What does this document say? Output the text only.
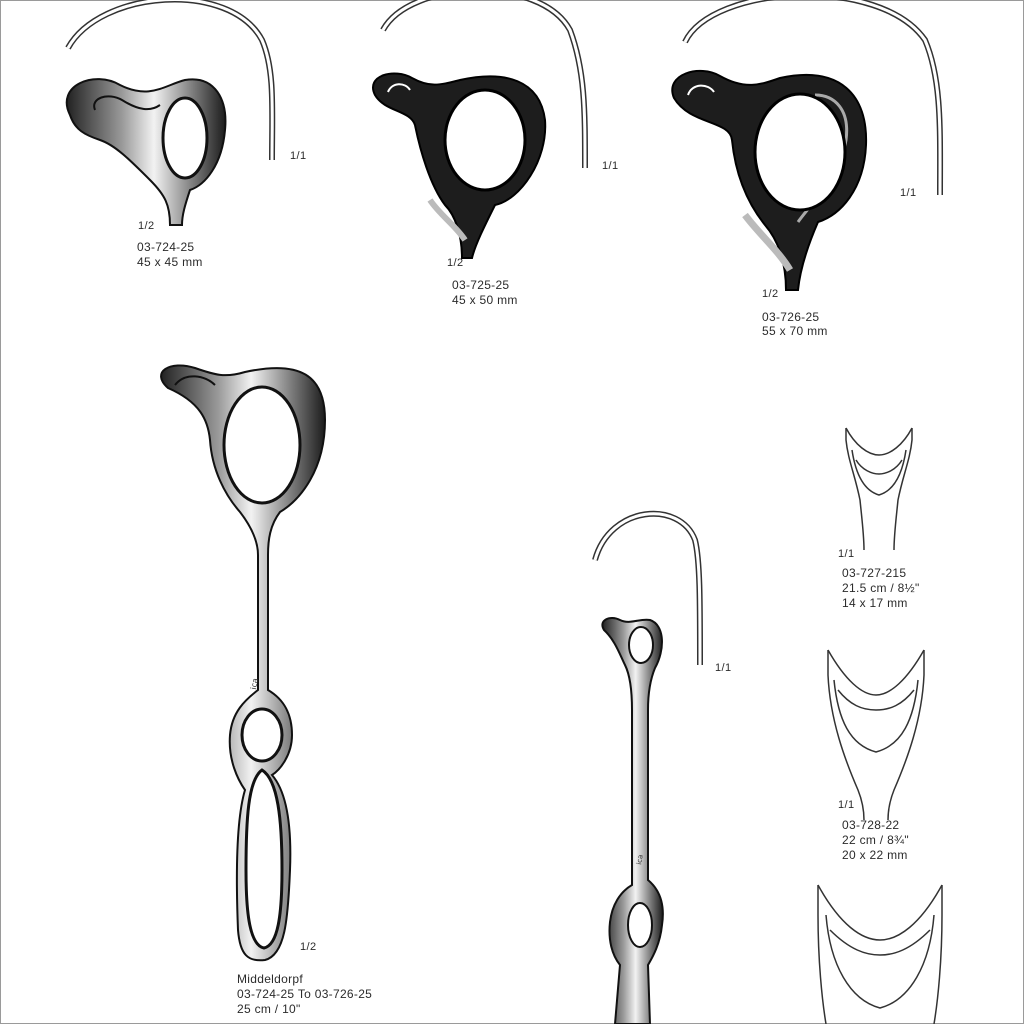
ica
ica
1/1
1/2
03-724-25
45 x 45 mm
1/1
1/2
03-725-25
45 x 50 mm
1/1
1/2
03-726-25
55 x 70 mm
1/2
Middeldorpf
03-724-25 To 03-726-25
25 cm / 10"
1/1
1/1
03-727-215
21.5 cm / 8½"
14 x 17 mm
1/1
03-728-22
22 cm / 8¾"
20 x 22 mm
